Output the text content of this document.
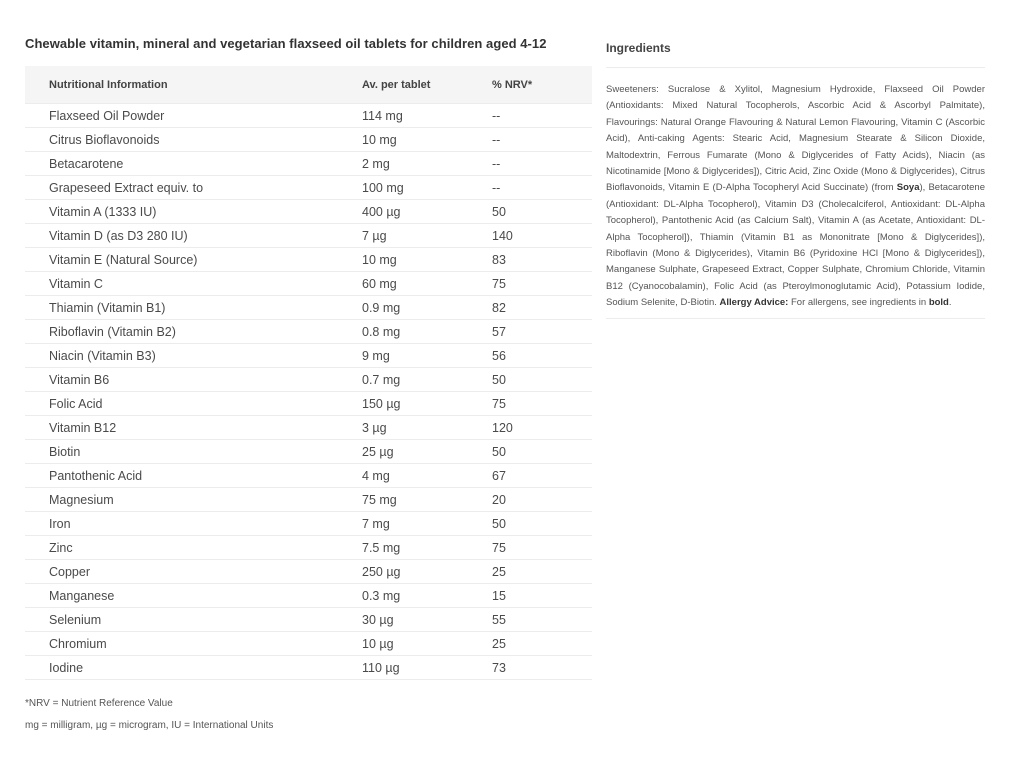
Chewable vitamin, mineral and vegetarian flaxseed oil tablets for children aged 4-12
Nutritional Information	Av. per tablet	% NRV*
Flaxseed Oil Powder	114 mg	--
Citrus Bioflavonoids	10 mg	--
Betacarotene	2 mg	--
Grapeseed Extract equiv. to	100 mg	--
Vitamin A (1333 IU)	400 µg	50
Vitamin D (as D3 280 IU)	7 µg	140
Vitamin E (Natural Source)	10 mg	83
Vitamin C	60 mg	75
Thiamin (Vitamin B1)	0.9 mg	82
Riboflavin (Vitamin B2)	0.8 mg	57
Niacin (Vitamin B3)	9 mg	56
Vitamin B6	0.7 mg	50
Folic Acid	150 µg	75
Vitamin B12	3 µg	120
Biotin	25 µg	50
Pantothenic Acid	4 mg	67
Magnesium	75 mg	20
Iron	7 mg	50
Zinc	7.5 mg	75
Copper	250 µg	25
Manganese	0.3 mg	15
Selenium	30 µg	55
Chromium	10 µg	25
Iodine	110 µg	73
*NRV = Nutrient Reference Value
mg = milligram, µg = microgram, IU = International Units
Ingredients
Sweeteners: Sucralose & Xylitol, Magnesium Hydroxide, Flaxseed Oil Powder (Antioxidants: Mixed Natural Tocopherols, Ascorbic Acid & Ascorbyl Palmitate), Flavourings: Natural Orange Flavouring & Natural Lemon Flavouring, Vitamin C (Ascorbic Acid), Anti-caking Agents: Stearic Acid, Magnesium Stearate & Silicon Dioxide, Maltodextrin, Ferrous Fumarate (Mono & Diglycerides of Fatty Acids), Niacin (as Nicotinamide [Mono & Diglycerides]), Citric Acid, Zinc Oxide (Mono & Diglycerides), Citrus Bioflavonoids, Vitamin E (D-Alpha Tocopheryl Acid Succinate) (from Soya), Betacarotene (Antioxidant: DL-Alpha Tocopherol), Vitamin D3 (Cholecalciferol, Antioxidant: DL-Alpha Tocopherol), Pantothenic Acid (as Calcium Salt), Vitamin A (as Acetate, Antioxidant: DL-Alpha Tocopherol]), Thiamin (Vitamin B1 as Mononitrate [Mono & Diglycerides]), Riboflavin (Mono & Diglycerides), Vitamin B6 (Pyridoxine HCl [Mono & Diglycerides]), Manganese Sulphate, Grapeseed Extract, Copper Sulphate, Chromium Chloride, Vitamin B12 (Cyanocobalamin), Folic Acid (as Pteroylmonoglutamic Acid), Potassium Iodide, Sodium Selenite, D-Biotin. Allergy Advice: For allergens, see ingredients in bold.
